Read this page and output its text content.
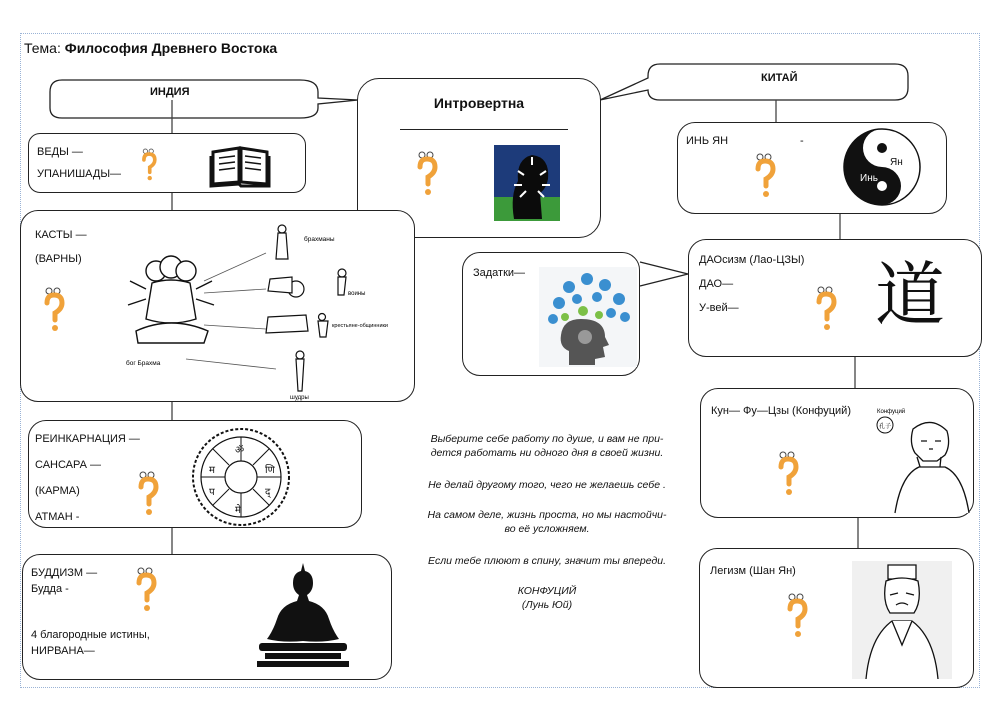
Тема: Философия Древнего Востока
Интровертна
ИНДИЯ
КИТАЙ
ВЕДЫ —
УПАНИШАДЫ—
КАСТЫ —
(ВАРНЫ)
бог Брахма
брахманы
воины
крестьяне-общинники
шудры
РЕИНКАРНАЦИЯ —
САНСАРА —
(КАРМА)
АТМАН -
ॐ
म	णि
प	द्
मे
БУДДИЗМ —
Будда -
4 благородные истины,
НИРВАНА—
Задатки—
Выберите себе работу по душе, и вам не при-
дется работать ни одного дня в своей жизни.
Не делай другому того, чего не желаешь себе .
На самом деле, жизнь проста, но мы настойчи-
во её усложняем.
Если тебе плюют в спину, значит ты впереди.
КОНФУЦИЙ
(Лунь Юй)
ИНЬ ЯН	-
Ян
Инь
ДАОсизм (Лао-ЦЗЫ)
ДАО—
У-вей— 道
Кун— Фу—Цзы (Конфуций)	Конфуций
孔子
Легизм (Шан Ян)
